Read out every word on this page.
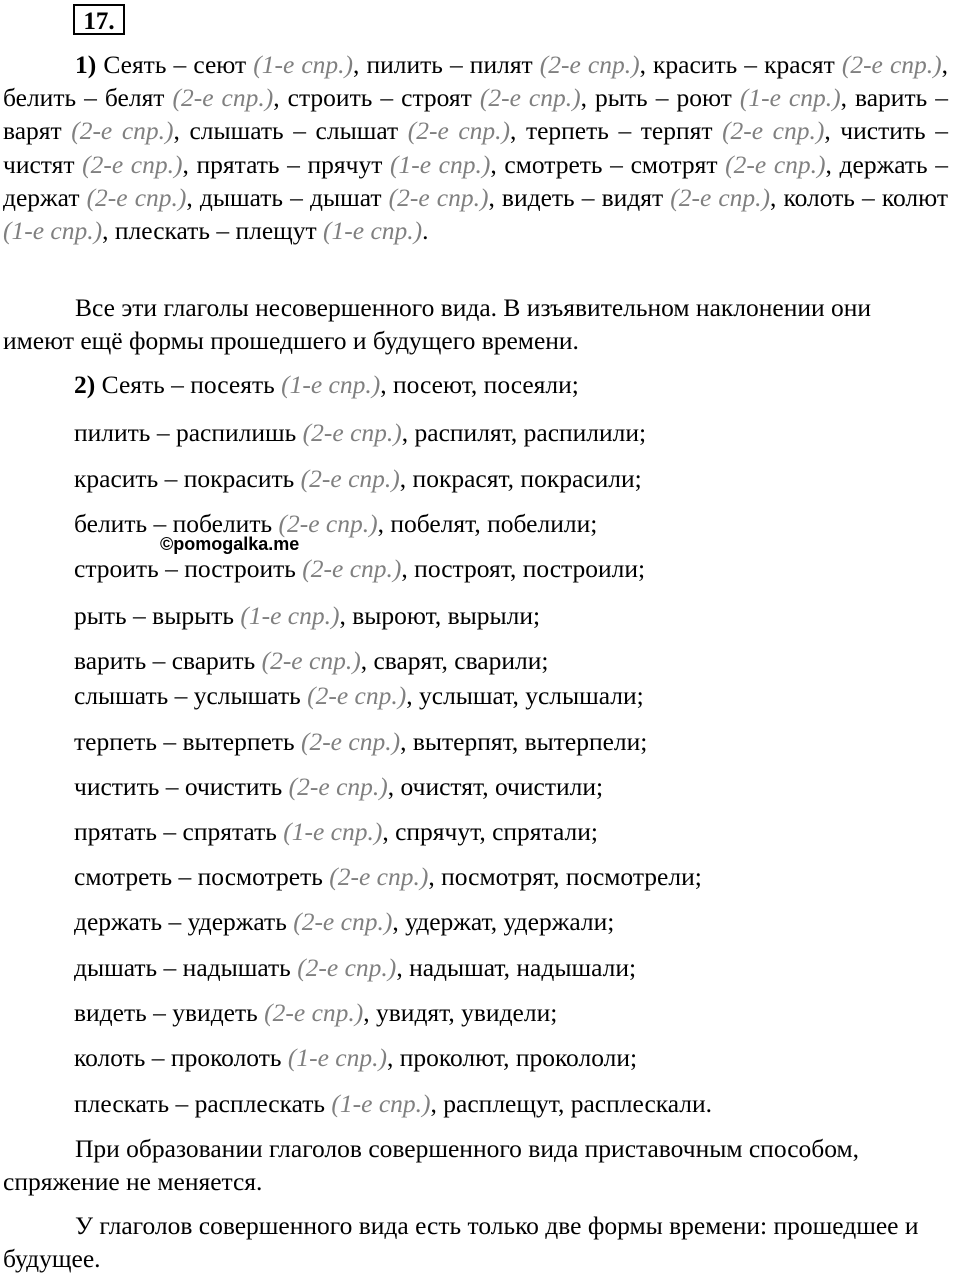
17.

1) Сеять – сеют (1-е спр.), пилить – пилят (2-е спр.), красить – красят (2-е спр.), белить – белят (2-е спр.), строить – строят (2-е спр.), рыть – роют (1-е спр.), варить – варят (2-е спр.), слышать – слышат (2-е спр.), терпеть – терпят (2-е спр.), чистить – чистят (2-е спр.), прятать – прячут (1-е спр.), смотреть – смотрят (2-е спр.), держать – держат (2-е спр.), дышать – дышат (2-е спр.), видеть – видят (2-е спр.), колоть – колют (1-е спр.), плескать – плещут (1-е спр.).

Все эти глаголы несовершенного вида. В изъявительном наклонении они имеют ещё формы прошедшего и будущего времени.

2) Сеять – посеять (1-е спр.), посеют, посеяли;
пилить – распилишь (2-е спр.), распилят, распилили;
красить – покрасить (2-е спр.), покрасят, покрасили;
белить – побелить (2-е спр.), побелят, побелили;
строить – построить (2-е спр.), построят, построили;
рыть – вырыть (1-е спр.), выроют, вырыли;
варить – сварить (2-е спр.), сварят, сварили;
слышать – услышать (2-е спр.), услышат, услышали;
терпеть – вытерпеть (2-е спр.), вытерпят, вытерпели;
чистить – очистить (2-е спр.), очистят, очистили;
прятать – спрятать (1-е спр.), спрячут, спрятали;
смотреть – посмотреть (2-е спр.), посмотрят, посмотрели;
держать – удержать (2-е спр.), удержат, удержали;
дышать – надышать (2-е спр.), надышат, надышали;
видеть – увидеть (2-е спр.), увидят, увидели;
колоть – проколоть (1-е спр.), проколют, прокололи;
плескать – расплескать (1-е спр.), расплещут, расплескали.
©pomogalka.me

При образовании глаголов совершенного вида приставочным способом, спряжение не меняется.

У глаголов совершенного вида есть только две формы времени: прошедшее и будущее.
